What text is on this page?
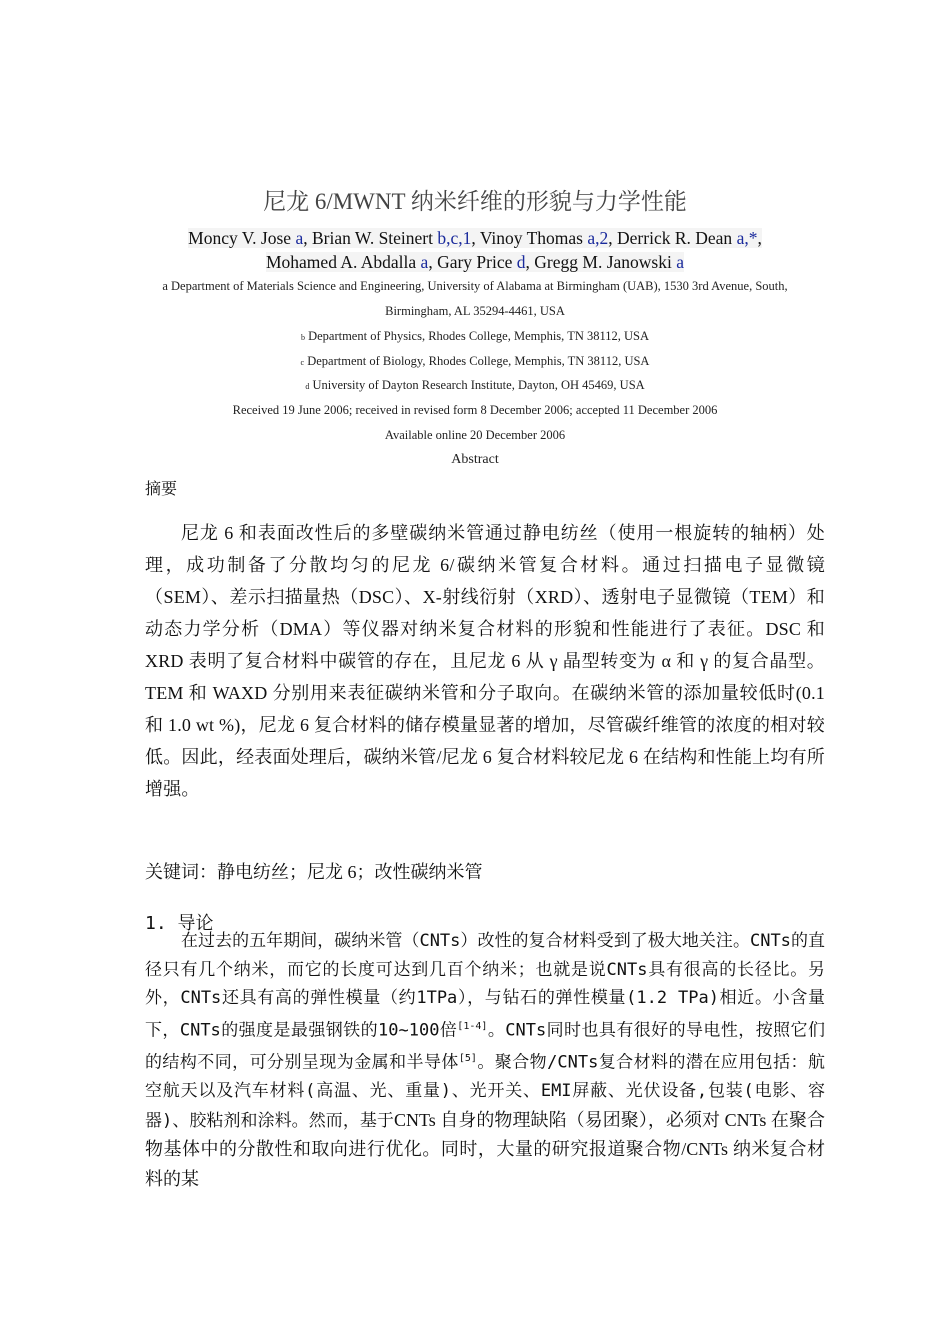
尼龙 6/MWNT 纳米纤维的形貌与力学性能
Moncy V. Jose a, Brian W. Steinert b,c,1, Vinoy Thomas a,2, Derrick R. Dean a,*,
Mohamed A. Abdalla a, Gary Price d, Gregg M. Janowski a
a Department of Materials Science and Engineering, University of Alabama at Birmingham (UAB), 1530 3rd Avenue, South, Birmingham, AL 35294-4461, USA
b Department of Physics, Rhodes College, Memphis, TN 38112, USA
c Department of Biology, Rhodes College, Memphis, TN 38112, USA
d University of Dayton Research Institute, Dayton, OH 45469, USA
Received 19 June 2006; received in revised form 8 December 2006; accepted 11 December 2006
Available online 20 December 2006
Abstract
摘要
尼龙 6 和表面改性后的多壁碳纳米管通过静电纺丝（使用一根旋转的轴柄）处理，成功制备了分散均匀的尼龙 6/碳纳米管复合材料。通过扫描电子显微镜（SEM）、差示扫描量热（DSC）、X-射线衍射（XRD）、透射电子显微镜（TEM）和动态力学分析（DMA）等仪器对纳米复合材料的形貌和性能进行了表征。DSC 和 XRD 表明了复合材料中碳管的存在，且尼龙 6 从 γ 晶型转变为 α 和 γ 的复合晶型。TEM 和 WAXD 分别用来表征碳纳米管和分子取向。在碳纳米管的添加量较低时(0.1 和 1.0 wt %)，尼龙 6 复合材料的储存模量显著的增加，尽管碳纤维管的浓度的相对较低。因此，经表面处理后，碳纳米管/尼龙 6 复合材料较尼龙 6 在结构和性能上均有所增强。
关键词：静电纺丝；尼龙 6；改性碳纳米管
1. 导论
在过去的五年期间，碳纳米管（CNTs）改性的复合材料受到了极大地关注。CNTs的直径只有几个纳米，而它的长度可达到几百个纳米；也就是说CNTs具有很高的长径比。另外，CNTs还具有高的弹性模量（约1TPa），与钻石的弹性模量(1.2 TPa)相近。小含量下，CNTs的强度是最强钢铁的10~100倍[1-4]。CNTs同时也具有很好的导电性，按照它们的结构不同，可分别呈现为金属和半导体[5]。聚合物/CNTs复合材料的潜在应用包括：航空航天以及汽车材料(高温、光、重量)、光开关、EMI屏蔽、光伏设备,包装(电影、容器)、胶粘剂和涂料。然而，基于CNTs 自身的物理缺陷（易团聚），必须对 CNTs 在聚合物基体中的分散性和取向进行优化。同时，大量的研究报道聚合物/CNTs 纳米复合材料的某
